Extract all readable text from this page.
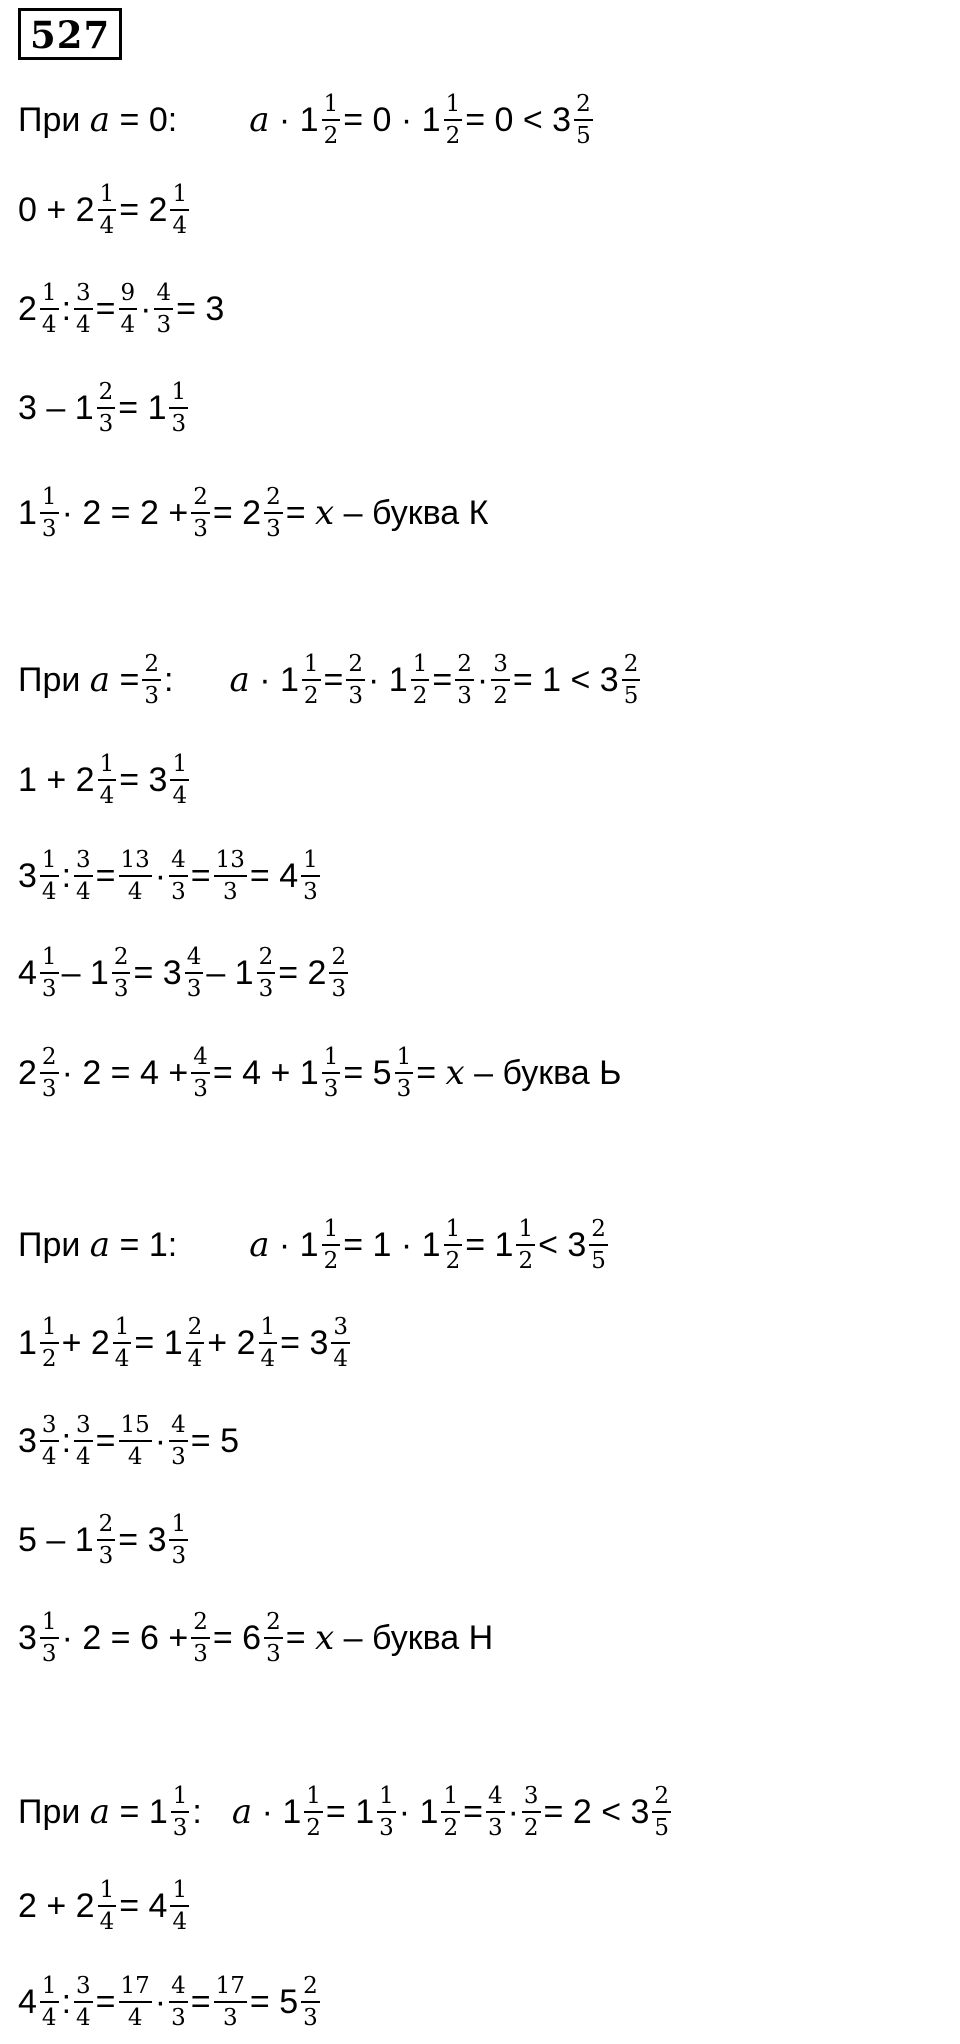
527
При a = 0: $a \cdot 1 \frac{1}{2} = 0 \cdot 1 \frac{1}{2} = 0 < 3 \frac{2}{5}$
$0 + 2 \frac{1}{4} = 2 \frac{1}{4}$
$2 \frac{1}{4}$ : $\frac{3}{4} = \frac{9}{4} \cdot \frac{4}{3} = 3$
$3 - 1 \frac{2}{3} = 1 \frac{1}{3}$
$1 \frac{1}{3} \cdot 2 = 2 + \frac{2}{3} = 2 \frac{2}{3} = x$ – буква К
При $a = \frac{2}{3}$ : $a \cdot 1 \frac{1}{2} = \frac{2}{3} \cdot 1 \frac{1}{2} = \frac{2}{3} \cdot \frac{3}{2} = 1 < 3 \frac{2}{5}$
$1 + 2 \frac{1}{4} = 3 \frac{1}{4}$
$3 \frac{1}{4}$ : $\frac{3}{4} = \frac{13}{4} \cdot \frac{4}{3} = \frac{13}{3} = 4 \frac{1}{3}$
$4 \frac{1}{3} - 1 \frac{2}{3} = 3 \frac{4}{3} - 1 \frac{2}{3} = 2 \frac{2}{3}$
$2 \frac{2}{3} \cdot 2 = 4 + \frac{4}{3} = 4 + 1 \frac{1}{3} = 5 \frac{1}{3} = x$ – буква Ь
При a = 1: $a \cdot 1 \frac{1}{2} = 1 \cdot 1 \frac{1}{2} = 1 \frac{1}{2} < 3 \frac{2}{5}$
$1 \frac{1}{2} + 2 \frac{1}{4} = 1 \frac{2}{4} + 2 \frac{1}{4} = 3 \frac{3}{4}$
$3 \frac{3}{4}$ : $\frac{3}{4} = \frac{15}{4} \cdot \frac{4}{3} = 5$
$5 - 1 \frac{2}{3} = 3 \frac{1}{3}$
$3 \frac{1}{3} \cdot 2 = 6 + \frac{2}{3} = 6 \frac{2}{3} = x$ – буква Н
При $a = 1 \frac{1}{3}$ : $a \cdot 1 \frac{1}{2} = 1 \frac{1}{3} \cdot 1 \frac{1}{2} = \frac{4}{3} \cdot \frac{3}{2} = 2 < 3 \frac{2}{5}$
$2 + 2 \frac{1}{4} = 4 \frac{1}{4}$
$4 \frac{1}{4}$ : $\frac{3}{4} = \frac{17}{4} \cdot \frac{4}{3} = \frac{17}{3} = 5 \frac{2}{3}$
